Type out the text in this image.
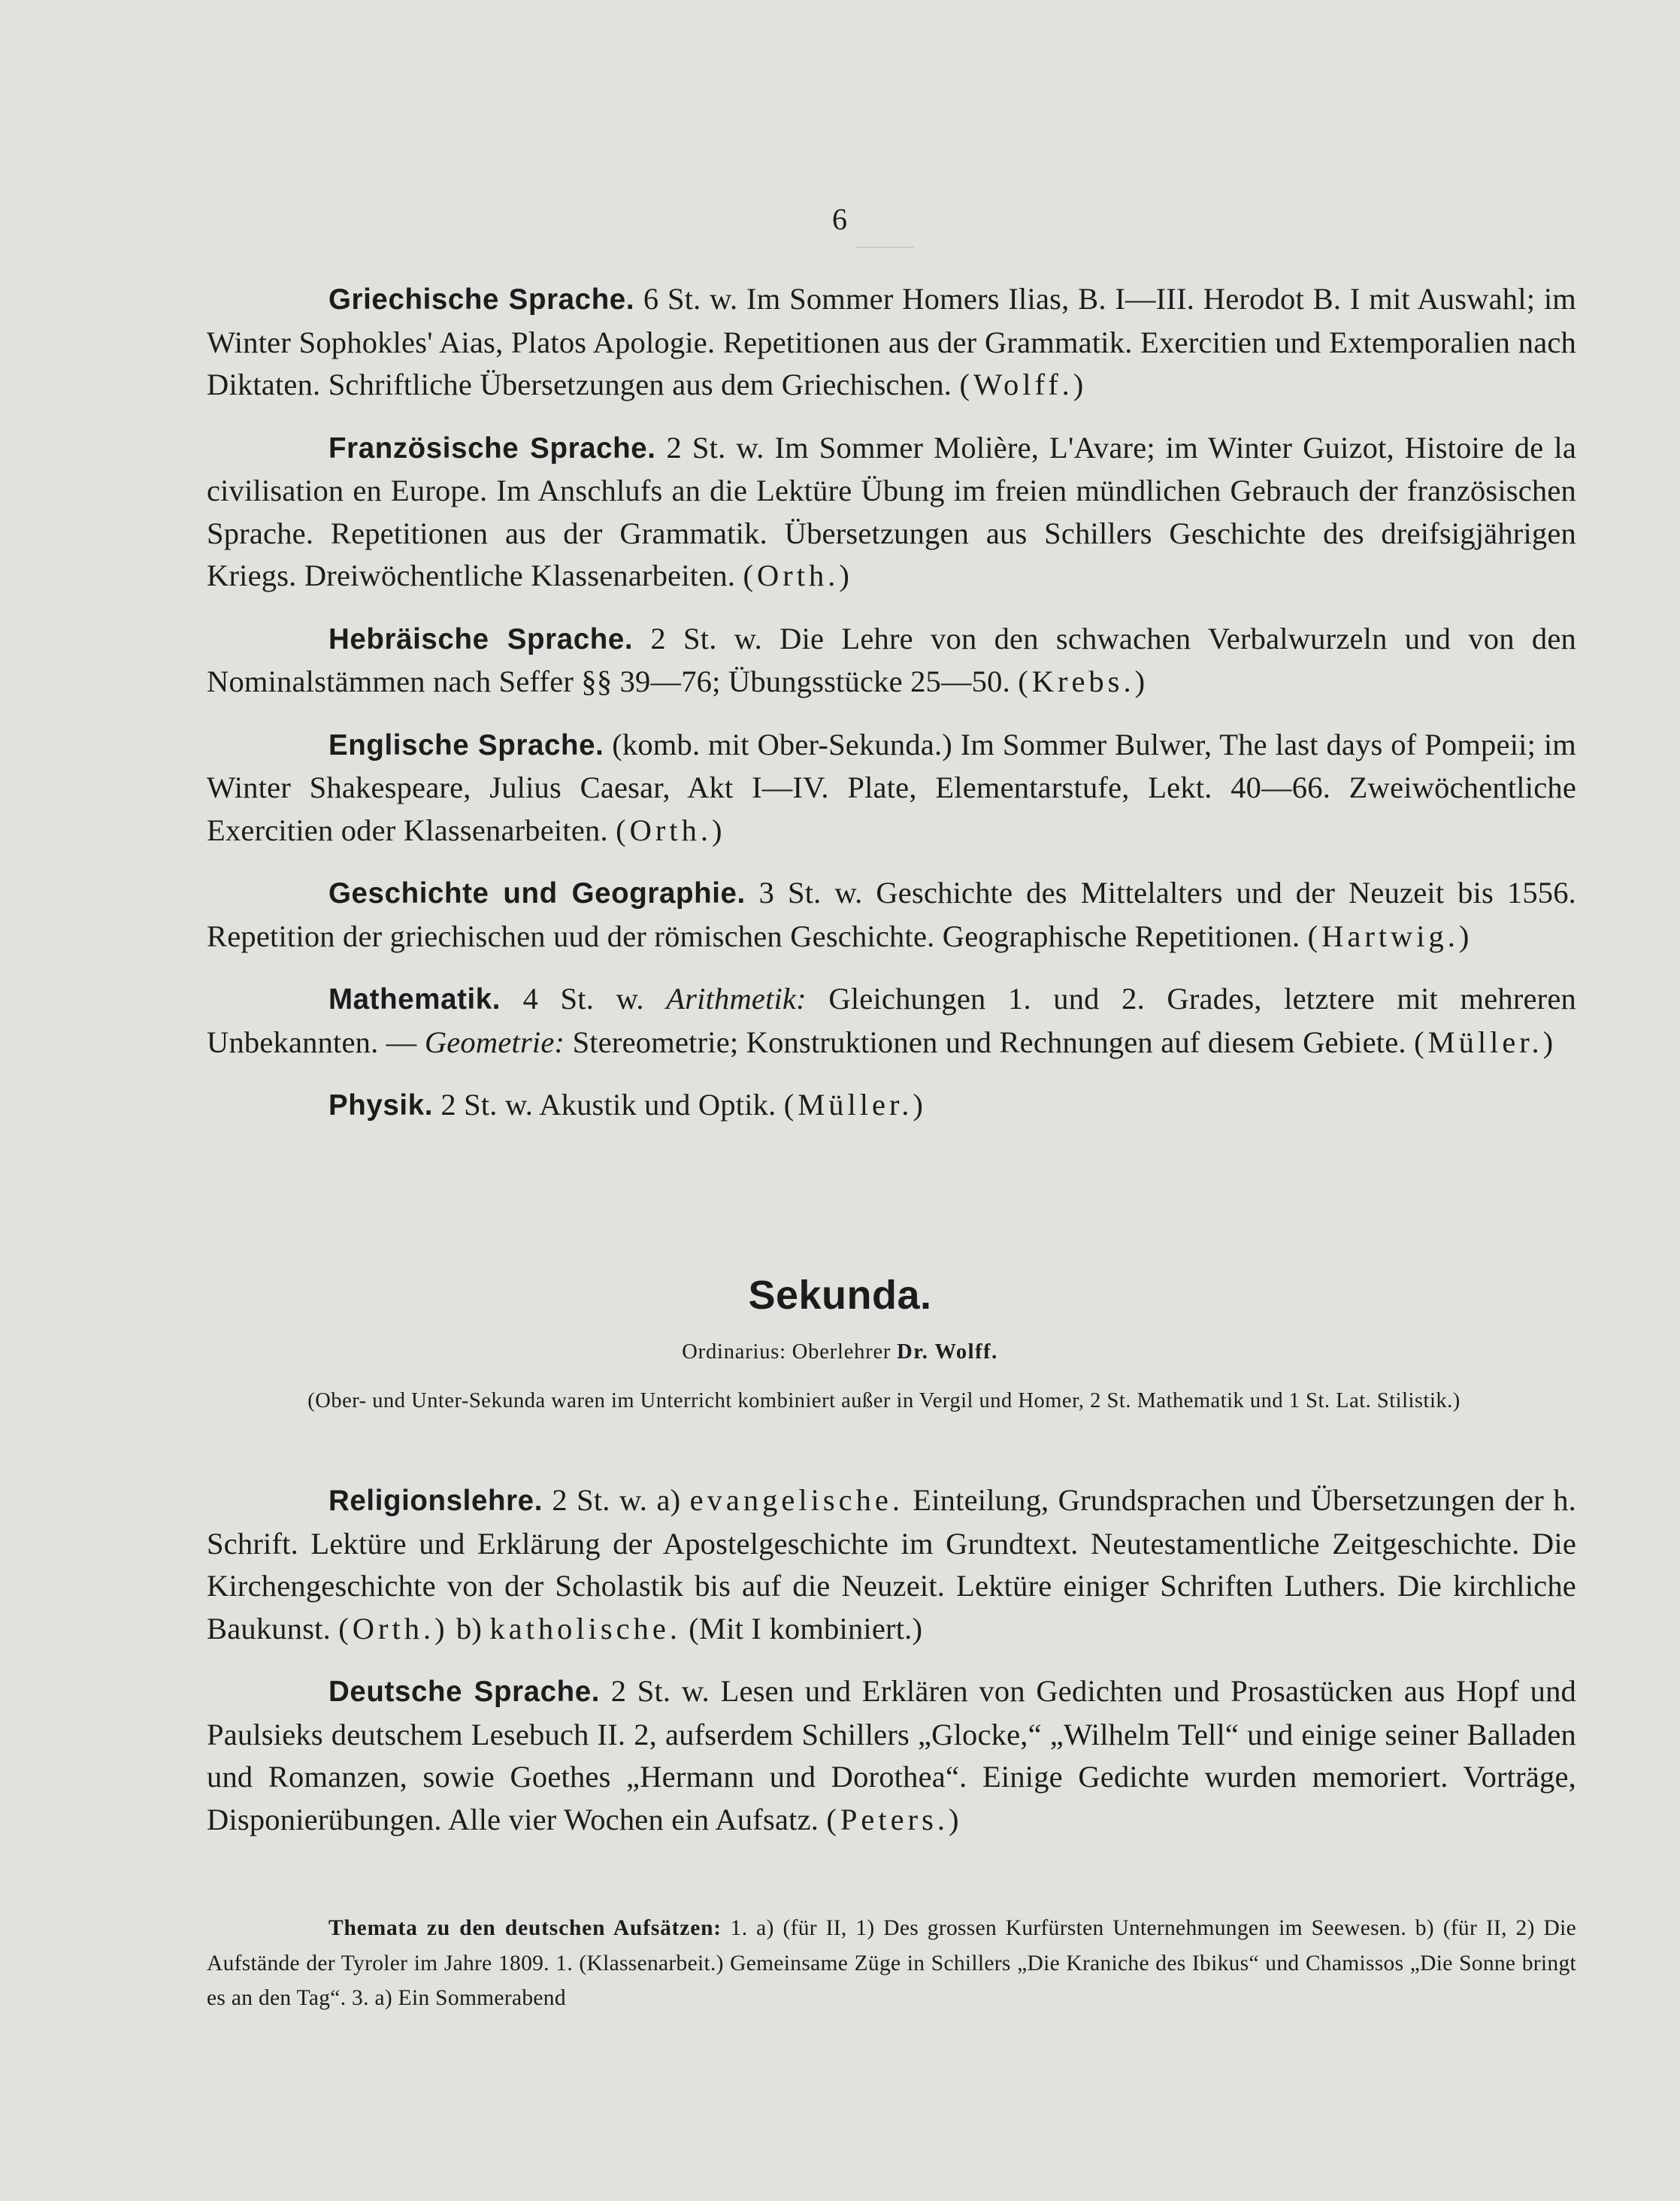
6

Griechische Sprache. 6 St. w. Im Sommer Homers Ilias, B. I—III. Herodot B. I mit Auswahl; im Winter Sophokles' Aias, Platos Apologie. Repetitionen aus der Grammatik. Exercitien und Extemporalien nach Diktaten. Schriftliche Übersetzungen aus dem Griechischen. (Wolff.)

Französische Sprache. 2 St. w. Im Sommer Molière, L'Avare; im Winter Guizot, Histoire de la civilisation en Europe. Im Anschlufs an die Lektüre Übung im freien mündlichen Gebrauch der französischen Sprache. Repetitionen aus der Grammatik. Übersetzungen aus Schillers Geschichte des dreifsigjährigen Kriegs. Dreiwöchentliche Klassenarbeiten. (Orth.)

Hebräische Sprache. 2 St. w. Die Lehre von den schwachen Verbalwurzeln und von den Nominalstämmen nach Seffer §§ 39—76; Übungsstücke 25—50. (Krebs.)

Englische Sprache. (komb. mit Ober-Sekunda.) Im Sommer Bulwer, The last days of Pompeii; im Winter Shakespeare, Julius Caesar, Akt I—IV. Plate, Elementarstufe, Lekt. 40—66. Zweiwöchentliche Exercitien oder Klassenarbeiten. (Orth.)

Geschichte und Geographie. 3 St. w. Geschichte des Mittelalters und der Neuzeit bis 1556. Repetition der griechischen uud der römischen Geschichte. Geographische Repetitionen. (Hartwig.)

Mathematik. 4 St. w. Arithmetik: Gleichungen 1. und 2. Grades, letztere mit mehreren Unbekannten. — Geometrie: Stereometrie; Konstruktionen und Rechnungen auf diesem Gebiete. (Müller.)

Physik. 2 St. w. Akustik und Optik. (Müller.)

Sekunda.
Ordinarius: Oberlehrer Dr. Wolff.
(Ober- und Unter-Sekunda waren im Unterricht kombiniert außer in Vergil und Homer, 2 St. Mathematik und 1 St. Lat. Stilistik.)

Religionslehre. 2 St. w. a) evangelische. Einteilung, Grundsprachen und Übersetzungen der h. Schrift. Lektüre und Erklärung der Apostelgeschichte im Grundtext. Neutestamentliche Zeitgeschichte. Die Kirchengeschichte von der Scholastik bis auf die Neuzeit. Lektüre einiger Schriften Luthers. Die kirchliche Baukunst. (Orth.) b) katholische. (Mit I kombiniert.)

Deutsche Sprache. 2 St. w. Lesen und Erklären von Gedichten und Prosastücken aus Hopf und Paulsieks deutschem Lesebuch II. 2, aufserdem Schillers „Glocke,“ „Wilhelm Tell“ und einige seiner Balladen und Romanzen, sowie Goethes „Hermann und Dorothea“. Einige Gedichte wurden memoriert. Vorträge, Disponierübungen. Alle vier Wochen ein Aufsatz. (Peters.)

Themata zu den deutschen Aufsätzen: 1. a) (für II, 1) Des grossen Kurfürsten Unternehmungen im Seewesen. b) (für II, 2) Die Aufstände der Tyroler im Jahre 1809. 1. (Klassenarbeit.) Gemeinsame Züge in Schillers „Die Kraniche des Ibikus“ und Chamissos „Die Sonne bringt es an den Tag“. 3. a) Ein Sommerabend
